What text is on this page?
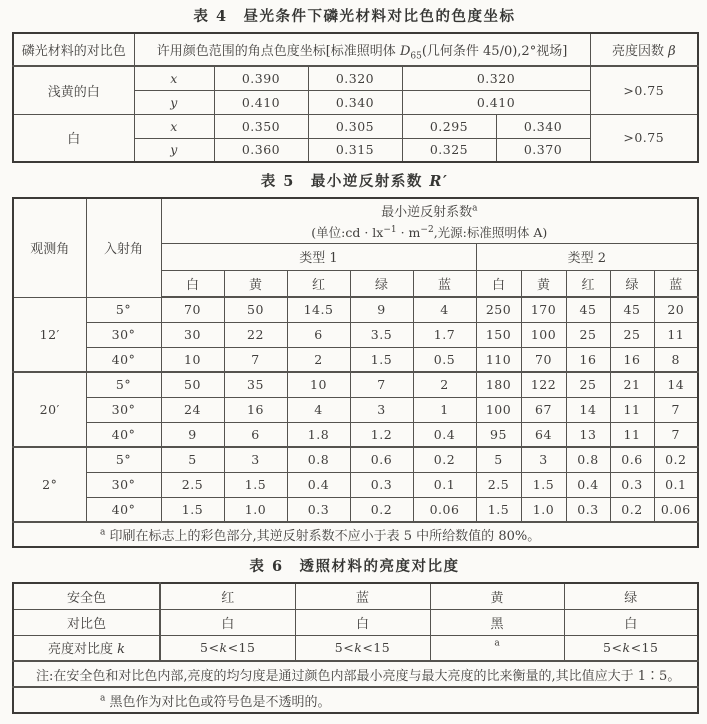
表 4　昼光条件下磷光材料对比色的色度坐标
磷光材料的对比色	许用颜色范围的角点色度坐标[标准照明体 $D_{65}$(几何条件 45/0),2°视场]					亮度因数 β
浅黄的白	x	0.390	0.320	0.320		>0.75
	y	0.410	0.340	0.410		
白	x	0.350	0.305	0.295	0.340	>0.75
	y	0.360	0.315	0.325	0.370	
表 5　最小逆反射系数 R′
观测角	入射角	最小逆反射系数$^a$
(单位:cd · $lx^{-1} \cdot m^{-2}$,光源:标准照明体 A)									

		类型 1					类型 2				
		白	黄	红	绿	蓝	白	黄	红	绿	蓝
12′	5°	70	50	14.5	9	4	250	170	45	45	20
	30°	30	22	6	3.5	1.7	150	100	25	25	11
	40°	10	7	2	1.5	0.5	110	70	16	16	8
20′	5°	50	35	10	7	2	180	122	25	21	14
	30°	24	16	4	3	1	100	67	14	11	7
	40°	9	6	1.8	1.2	0.4	95	64	13	11	7
2°	5°	5	3	0.8	0.6	0.2	5	3	0.8	0.6	0.2
	30°	2.5	1.5	0.4	0.3	0.1	2.5	1.5	0.4	0.3	0.1
	40°	1.5	1.0	0.3	0.2	0.06	1.5	1.0	0.3	0.2	0.06
$^a$ 印刷在标志上的彩色部分,其逆反射系数不应小于表 5 中所给数值的 80%。											
表 6　透照材料的亮度对比度
安全色	红	蓝	黄	绿
对比色	白	白	黑	白
亮度对比度 k	5<k<15	5<k<15	$^a$	5<k<15
注:在安全色和对比色内部,亮度的均匀度是通过颜色内部最小亮度与最大亮度的比来衡量的,其比值应大于 1∶5。				
$^a$ 黑色作为对比色或符号色是不透明的。				
